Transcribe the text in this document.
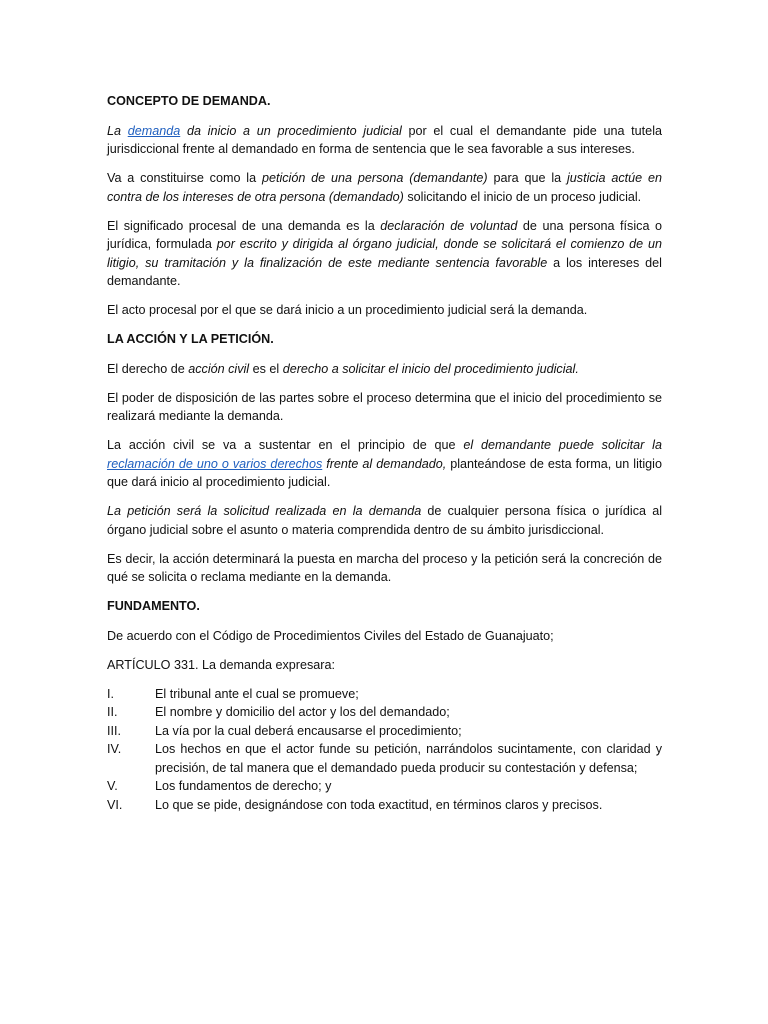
CONCEPTO DE DEMANDA.

La demanda da inicio a un procedimiento judicial por el cual el demandante pide una tutela jurisdiccional frente al demandado en forma de sentencia que le sea favorable a sus intereses.

Va a constituirse como la petición de una persona (demandante) para que la justicia actúe en contra de los intereses de otra persona (demandado) solicitando el inicio de un proceso judicial.

El significado procesal de una demanda es la declaración de voluntad de una persona física o jurídica, formulada por escrito y dirigida al órgano judicial, donde se solicitará el comienzo de un litigio, su tramitación y la finalización de este mediante sentencia favorable a los intereses del demandante.

El acto procesal por el que se dará inicio a un procedimiento judicial será la demanda.

LA ACCIÓN Y LA PETICIÓN.

El derecho de acción civil es el derecho a solicitar el inicio del procedimiento judicial.

El poder de disposición de las partes sobre el proceso determina que el inicio del procedimiento se realizará mediante la demanda.

La acción civil se va a sustentar en el principio de que el demandante puede solicitar la reclamación de uno o varios derechos frente al demandado, planteándose de esta forma, un litigio que dará inicio al procedimiento judicial.

La petición será la solicitud realizada en la demanda de cualquier persona física o jurídica al órgano judicial sobre el asunto o materia comprendida dentro de su ámbito jurisdiccional.

Es decir, la acción determinará la puesta en marcha del proceso y la petición será la concreción de qué se solicita o reclama mediante en la demanda.

FUNDAMENTO.

De acuerdo con el Código de Procedimientos Civiles del Estado de Guanajuato;

ARTÍCULO 331. La demanda expresara:

I.	El tribunal ante el cual se promueve;
II.	El nombre y domicilio del actor y los del demandado;
III.	La vía por la cual deberá encausarse el procedimiento;
IV.	Los hechos en que el actor funde su petición, narrándolos sucintamente, con claridad y precisión, de tal manera que el demandado pueda producir su contestación y defensa;
V.	Los fundamentos de derecho; y
VI.	Lo que se pide, designándose con toda exactitud, en términos claros y precisos.
